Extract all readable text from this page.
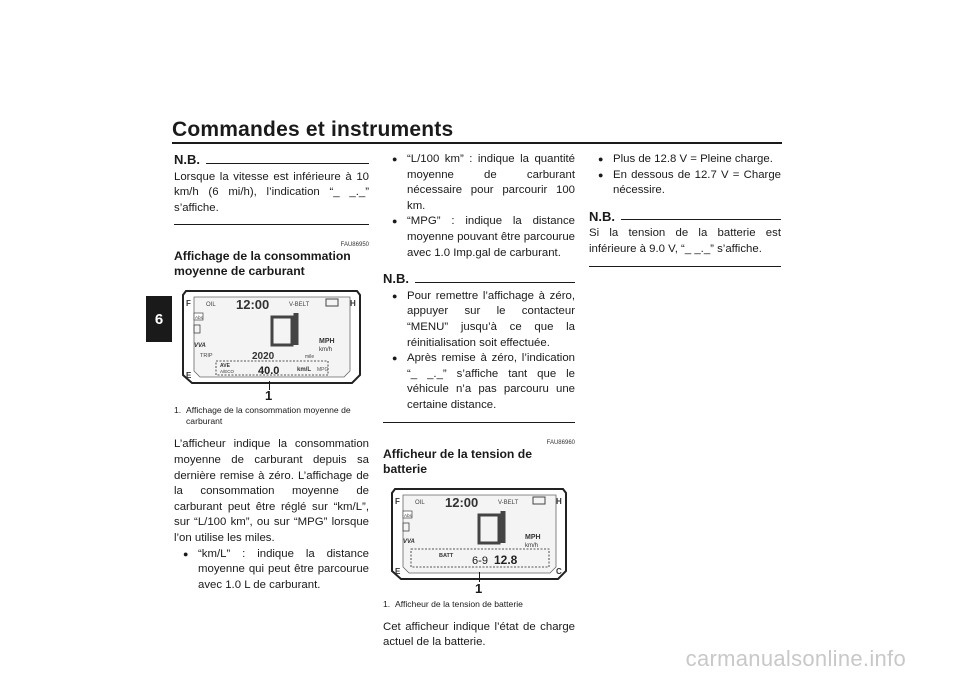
Commandes et instruments
6
N.B.
Lorsque la vitesse est inférieure à 10 km/h (6 mi/h), l’indication “_ _._” s’affiche.
FAU86950
Affichage de la consommation moyenne de carburant
F
E
H
OIL 12:00	V-BELT
Abs
VVA
MPH
km/h
TRIP	2020	mile
AVE
A/ECO 40.0	km/L MPG
1
1. Affichage de la consommation moyenne de carburant
L’afficheur indique la consommation moyenne de carburant depuis sa dernière remise à zéro. L’affichage de la consommation moyenne de carburant peut être réglé sur “km/L”, sur “L/100 km”, ou sur “MPG” lorsque l’on utilise les miles.
● “km/L” : indique la distance moyenne qui peut être parcourue avec 1.0 L de carburant.
● “L/100 km” : indique la quantité moyenne de carburant nécessaire pour parcourir 100 km.
● “MPG” : indique la distance moyenne pouvant être parcourue avec 1.0 Imp.gal de carburant.
N.B.
● Pour remettre l’affichage à zéro, appuyer sur le contacteur “MENU” jusqu’à ce que la réinitialisation soit effectuée.
● Après remise à zéro, l’indication “_ _._” s’affiche tant que le véhicule n’a pas parcouru une certaine distance.
FAU86960
Afficheur de la tension de batterie
F
E
H
C
OIL 12:00	V-BELT
Abs
VVA
MPH
km/h
BATT	12.8
1
1. Afficheur de la tension de batterie
Cet afficheur indique l’état de charge actuel de la batterie.
● Plus de 12.8 V = Pleine charge.
● En dessous de 12.7 V = Charge nécessire.
N.B.
Si la tension de la batterie est inférieure à 9.0 V, “_ _._” s’affiche.
6-9
carmanualsonline.info
